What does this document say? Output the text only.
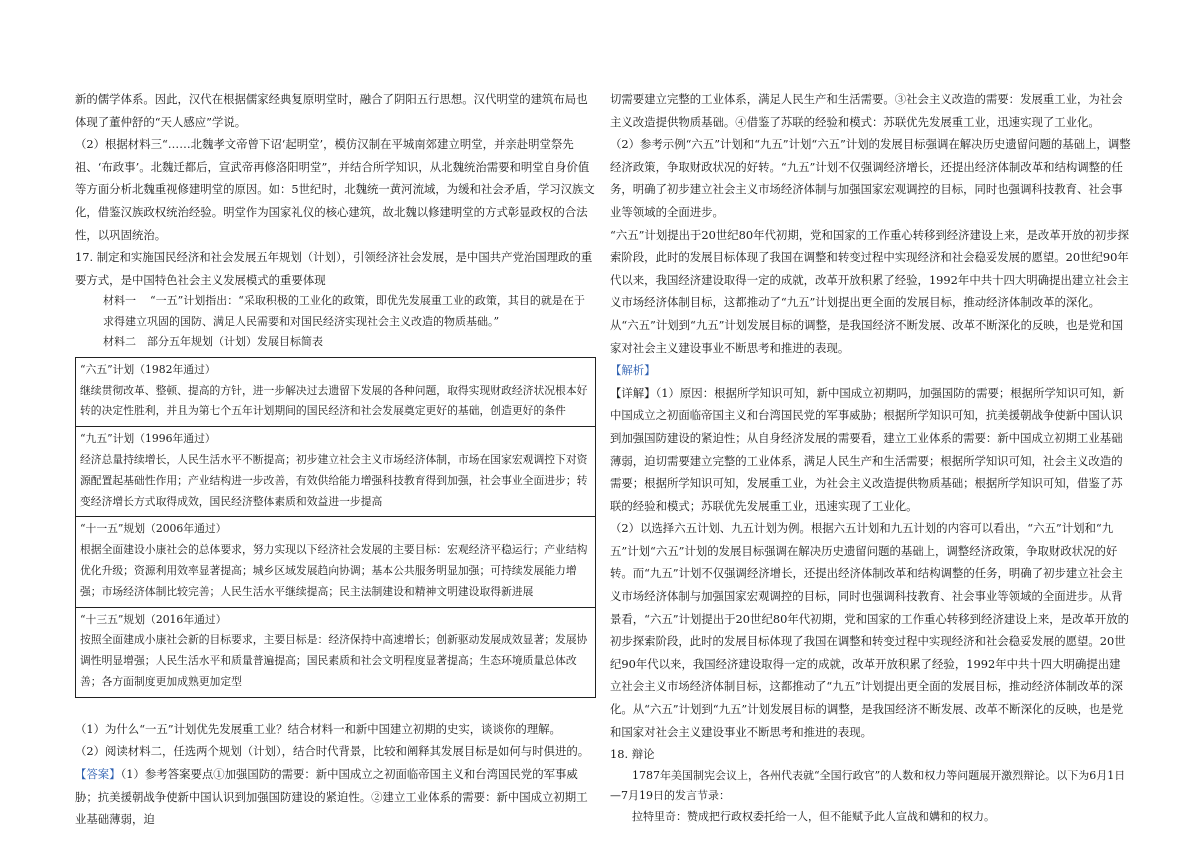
新的儒学体系。因此，汉代在根据儒家经典复原明堂时，融合了阴阳五行思想。汉代明堂的建筑布局也体现了董仲舒的“天人感应”学说。

（2）根据材料三“……北魏孝文帝曾下诏‘起明堂’，模仿汉制在平城南郊建立明堂，并亲赴明堂祭先祖、‘布政事’。北魏迁都后，宣武帝再修洛阳明堂”，并结合所学知识，从北魏统治需要和明堂自身价值等方面分析北魏重视修建明堂的原因。如：5世纪时，北魏统一黄河流域，为缓和社会矛盾，学习汉族文化，借鉴汉族政权统治经验。明堂作为国家礼仪的核心建筑，故北魏以修建明堂的方式彰显政权的合法性，以巩固统治。

17. 制定和实施国民经济和社会发展五年规划（计划），引领经济社会发展，是中国共产党治国理政的重要方式，是中国特色社会主义发展模式的重要体现

材料一 “一五”计划指出：“采取积极的工业化的政策，即优先发展重工业的政策，其目的就是在于求得建立巩固的国防、满足人民需要和对国民经济实现社会主义改造的物质基础。”

材料二　部分五年规划（计划）发展目标简表

“六五”计划（1982年通过）
继续贯彻改革、整顿、提高的方针，进一步解决过去遗留下发展的各种问题，取得实现财政经济状况根本好转的决定性胜利，并且为第七个五年计划期间的国民经济和社会发展奠定更好的基础，创造更好的条件

“九五”计划（1996年通过）
经济总量持续增长，人民生活水平不断提高；初步建立社会主义市场经济体制，市场在国家宏观调控下对资源配置起基础性作用；产业结构进一步改善，有效供给能力增强科技教育得到加强，社会事业全面进步；转变经济增长方式取得成效，国民经济整体素质和效益进一步提高

“十一五”规划（2006年通过）
根据全面建设小康社会的总体要求，努力实现以下经济社会发展的主要目标：宏观经济平稳运行；产业结构优化升级；资源利用效率显著提高；城乡区域发展趋向协调；基本公共服务明显加强；可持续发展能力增强；市场经济体制比较完善；人民生活水平继续提高；民主法制建设和精神文明建设取得新进展

“十三五”规划（2016年通过）
按照全面建成小康社会新的目标要求，主要目标是：经济保持中高速增长；创新驱动发展成效显著；发展协调性明显增强；人民生活水平和质量普遍提高；国民素质和社会文明程度显著提高；生态环境质量总体改善；各方面制度更加成熟更加定型

（1）为什么“一五”计划优先发展重工业？结合材料一和新中国建立初期的史实，谈谈你的理解。

（2）阅读材料二，任选两个规划（计划），结合时代背景，比较和阐释其发展目标是如何与时俱进的。

【答案】（1）参考答案要点①加强国防的需要：新中国成立之初面临帝国主义和台湾国民党的军事威胁；抗美援朝战争使新中国认识到加强国防建设的紧迫性。②建立工业体系的需要：新中国成立初期工业基础薄弱，迫

切需要建立完整的工业体系，满足人民生产和生活需要。③社会主义改造的需要：发展重工业，为社会主义改造提供物质基础。④借鉴了苏联的经验和模式：苏联优先发展重工业，迅速实现了工业化。

（2）参考示例“六五”计划和“九五”计划“六五”计划的发展目标强调在解决历史遗留问题的基础上，调整经济政策，争取财政状况的好转。“九五”计划不仅强调经济增长，还提出经济体制改革和结构调整的任务，明确了初步建立社会主义市场经济体制与加强国家宏观调控的目标，同时也强调科技教育、社会事业等领域的全面进步。

“六五”计划提出于20世纪80年代初期，党和国家的工作重心转移到经济建设上来，是改革开放的初步探索阶段，此时的发展目标体现了我国在调整和转变过程中实现经济和社会稳妥发展的愿望。20世纪90年代以来，我国经济建设取得一定的成就，改革开放积累了经验，1992年中共十四大明确提出建立社会主义市场经济体制目标，这都推动了“九五”计划提出更全面的发展目标，推动经济体制改革的深化。

从“六五”计划到“九五”计划发展目标的调整，是我国经济不断发展、改革不断深化的反映，也是党和国家对社会主义建设事业不断思考和推进的表现。

【解析】

【详解】（1）原因：根据所学知识可知，新中国成立初期吗，加强国防的需要；根据所学知识可知，新中国成立之初面临帝国主义和台湾国民党的军事威胁；根据所学知识可知，抗美援朝战争使新中国认识到加强国防建设的紧迫性；从自身经济发展的需要看，建立工业体系的需要：新中国成立初期工业基础薄弱，迫切需要建立完整的工业体系，满足人民生产和生活需要；根据所学知识可知，社会主义改造的需要；根据所学知识可知，发展重工业，为社会主义改造提供物质基础；根据所学知识可知，借鉴了苏联的经验和模式；苏联优先发展重工业，迅速实现了工业化。

（2）以选择六五计划、九五计划为例。根据六五计划和九五计划的内容可以看出，“六五”计划和“九五”计划“六五”计划的发展目标强调在解决历史遗留问题的基础上，调整经济政策，争取财政状况的好转。而“九五”计划不仅强调经济增长，还提出经济体制改革和结构调整的任务，明确了初步建立社会主义市场经济体制与加强国家宏观调控的目标，同时也强调科技教育、社会事业等领域的全面进步。从背景看，“六五”计划提出于20世纪80年代初期，党和国家的工作重心转移到经济建设上来，是改革开放的初步探索阶段，此时的发展目标体现了我国在调整和转变过程中实现经济和社会稳妥发展的愿望。20世纪90年代以来，我国经济建设取得一定的成就，改革开放积累了经验，1992年中共十四大明确提出建立社会主义市场经济体制目标，这都推动了“九五”计划提出更全面的发展目标，推动经济体制改革的深化。从“六五”计划到“九五”计划发展目标的调整，是我国经济不断发展、改革不断深化的反映，也是党和国家对社会主义建设事业不断思考和推进的表现。

18. 辩论

1787年美国制宪会议上，各州代表就“全国行政官”的人数和权力等问题展开激烈辩论。以下为6月1日—7月19日的发言节录：

拉特里奇：赞成把行政权委托给一人，但不能赋予此人宣战和媾和的权力。
